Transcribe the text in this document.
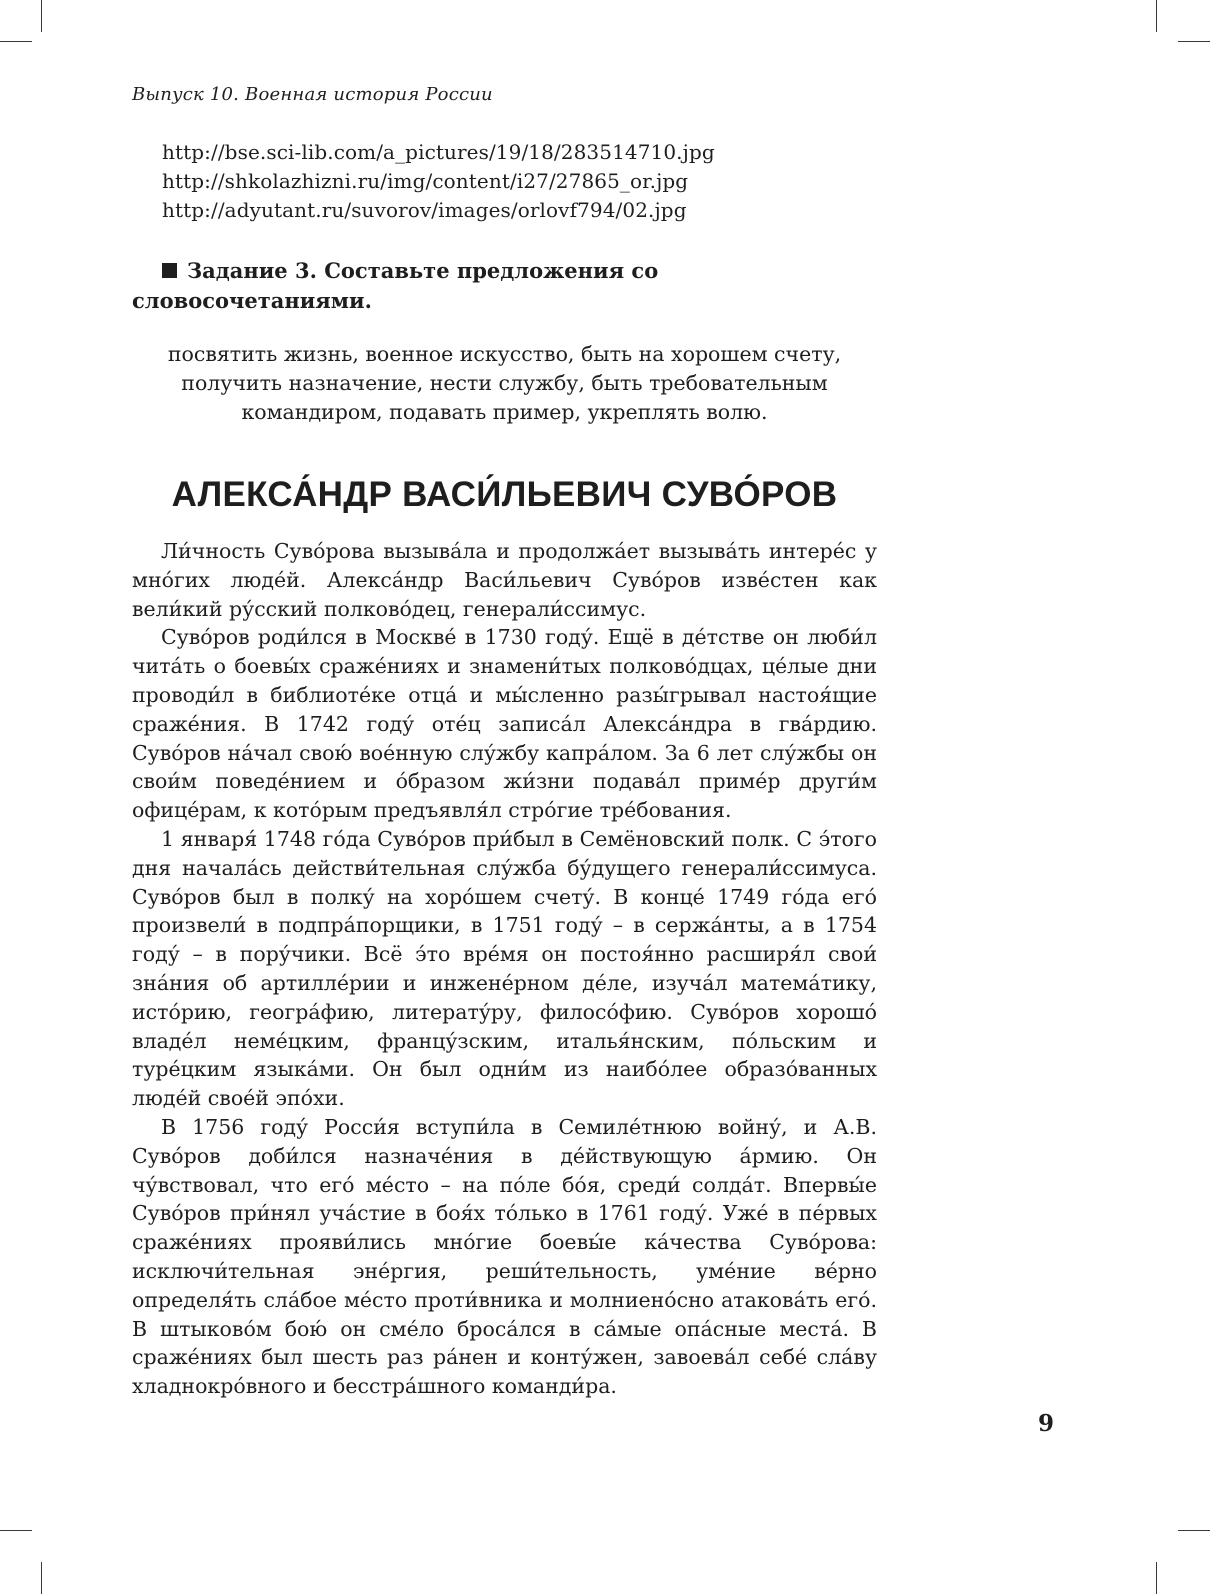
Выпуск 10. Военная история России
http://bse.sci-lib.com/a_pictures/19/18/283514710.jpg
http://shkolazhizni.ru/img/content/i27/27865_or.jpg
http://adyutant.ru/suvorov/images/orlovf794/02.jpg
Задание 3. Составьте предложения со словосочетаниями.
посвятить жизнь, военное искусство, быть на хорошем счету,
получить назначение, нести службу, быть требовательным
командиром, подавать пример, укреплять волю.
АЛЕКСА́НДР ВАСИ́ЛЬЕВИЧ СУВО́РОВ

Ли́чность Суво́рова вызыва́ла и продолжа́ет вызыва́ть интере́с у мно́гих люде́й. Алекса́ндр Васи́льевич Суво́ров изве́стен как вели́кий ру́сский полково́дец, генерали́ссимус.

Суво́ров роди́лся в Москве́ в 1730 году́. Ещё в де́тстве он люби́л чита́ть о боевы́х сраже́ниях и знамени́тых полково́дцах, це́лые дни проводи́л в библиоте́ке отца́ и мы́сленно разы́грывал настоя́щие сраже́ния. В 1742 году́ оте́ц записа́л Алекса́ндра в гва́рдию. Суво́ров на́чал свою́ вое́нную слу́жбу капра́лом. За 6 лет слу́жбы он свои́м поведе́нием и о́бразом жи́зни подава́л приме́р други́м офице́рам, к кото́рым предъявля́л стро́гие тре́бования.

1 января́ 1748 го́да Суво́ров при́был в Семёновский полк. С э́того дня начала́сь действи́тельная слу́жба бу́дущего генерали́ссимуса. Суво́ров был в полку́ на хоро́шем счету́. В конце́ 1749 го́да его́ произвели́ в подпра́порщики, в 1751 году́ – в сержа́нты, а в 1754 году́ – в пору́чики. Всё э́то вре́мя он постоя́нно расширя́л свои́ зна́ния об артилле́рии и инжене́рном де́ле, изуча́л матема́тику, исто́рию, геогра́фию, литерату́ру, филосо́фию. Суво́ров хорошо́ владе́л неме́цким, францу́зским, италья́нским, по́льским и туре́цким языка́ми. Он был одни́м из наибо́лее образо́ванных люде́й свое́й эпо́хи.

В 1756 году́ Росси́я вступи́ла в Семиле́тнюю войну́, и А.В. Суво́ров доби́лся назначе́ния в де́йствующую а́рмию. Он чу́вствовал, что его́ ме́сто – на по́ле бо́я, среди́ солда́т. Впервы́е Суво́ров при́нял уча́стие в боя́х то́лько в 1761 году́. Уже́ в пе́рвых сраже́ниях прояви́лись мно́гие боевы́е ка́чества Суво́рова: исключи́тельная эне́ргия, реши́тельность, уме́ние ве́рно определя́ть сла́бое ме́сто проти́вника и молниено́сно атакова́ть его́. В штыково́м бою́ он сме́ло броса́лся в са́мые опа́сные места́. В сраже́ниях был шесть раз ра́нен и конту́жен, завоева́л себе́ сла́ву хладнокро́вного и бесстра́шного команди́ра.

9
